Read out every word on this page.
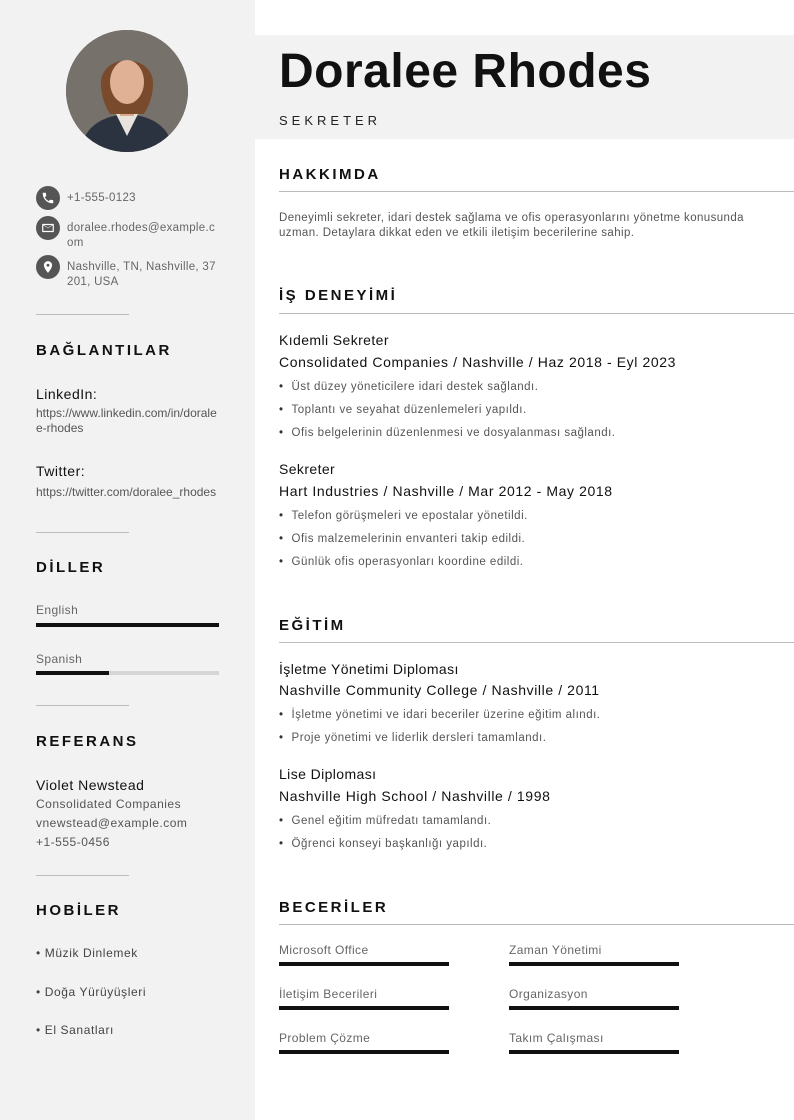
+1-555-0123
doralee.rhodes@example.com
Nashville, TN, Nashville, 37201, USA
BAĞLANTILAR
LinkedIn:
https://www.linkedin.com/in/doralee-rhodes
Twitter:
https://twitter.com/doralee_rhodes
DİLLER
English
Spanish
REFERANS
Violet Newstead
Consolidated Companies
vnewstead@example.com
+1-555-0456
HOBİLER
• Müzik Dinlemek
• Doğa Yürüyüşleri
• El Sanatları
Doralee Rhodes
SEKRETER
HAKKIMDA
Deneyimli sekreter, idari destek sağlama ve ofis operasyonlarını yönetme konusunda uzman. Detaylara dikkat eden ve etkili iletişim becerilerine sahip.
İŞ DENEYİMİ
Kıdemli Sekreter
Consolidated Companies / Nashville / Haz 2018 - Eyl 2023
• Üst düzey yöneticilere idari destek sağlandı.
• Toplantı ve seyahat düzenlemeleri yapıldı.
• Ofis belgelerinin düzenlenmesi ve dosyalanması sağlandı.
Sekreter
Hart Industries / Nashville / Mar 2012 - May 2018
• Telefon görüşmeleri ve epostalar yönetildi.
• Ofis malzemelerinin envanteri takip edildi.
• Günlük ofis operasyonları koordine edildi.
EĞİTİM
İşletme Yönetimi Diploması
Nashville Community College / Nashville / 2011
• İşletme yönetimi ve idari beceriler üzerine eğitim alındı.
• Proje yönetimi ve liderlik dersleri tamamlandı.
Lise Diploması
Nashville High School / Nashville / 1998
• Genel eğitim müfredatı tamamlandı.
• Öğrenci konseyi başkanlığı yapıldı.
BECERİLER
Microsoft Office	Zaman Yönetimi
İletişim Becerileri	Organizasyon
Problem Çözme	Takım Çalışması
